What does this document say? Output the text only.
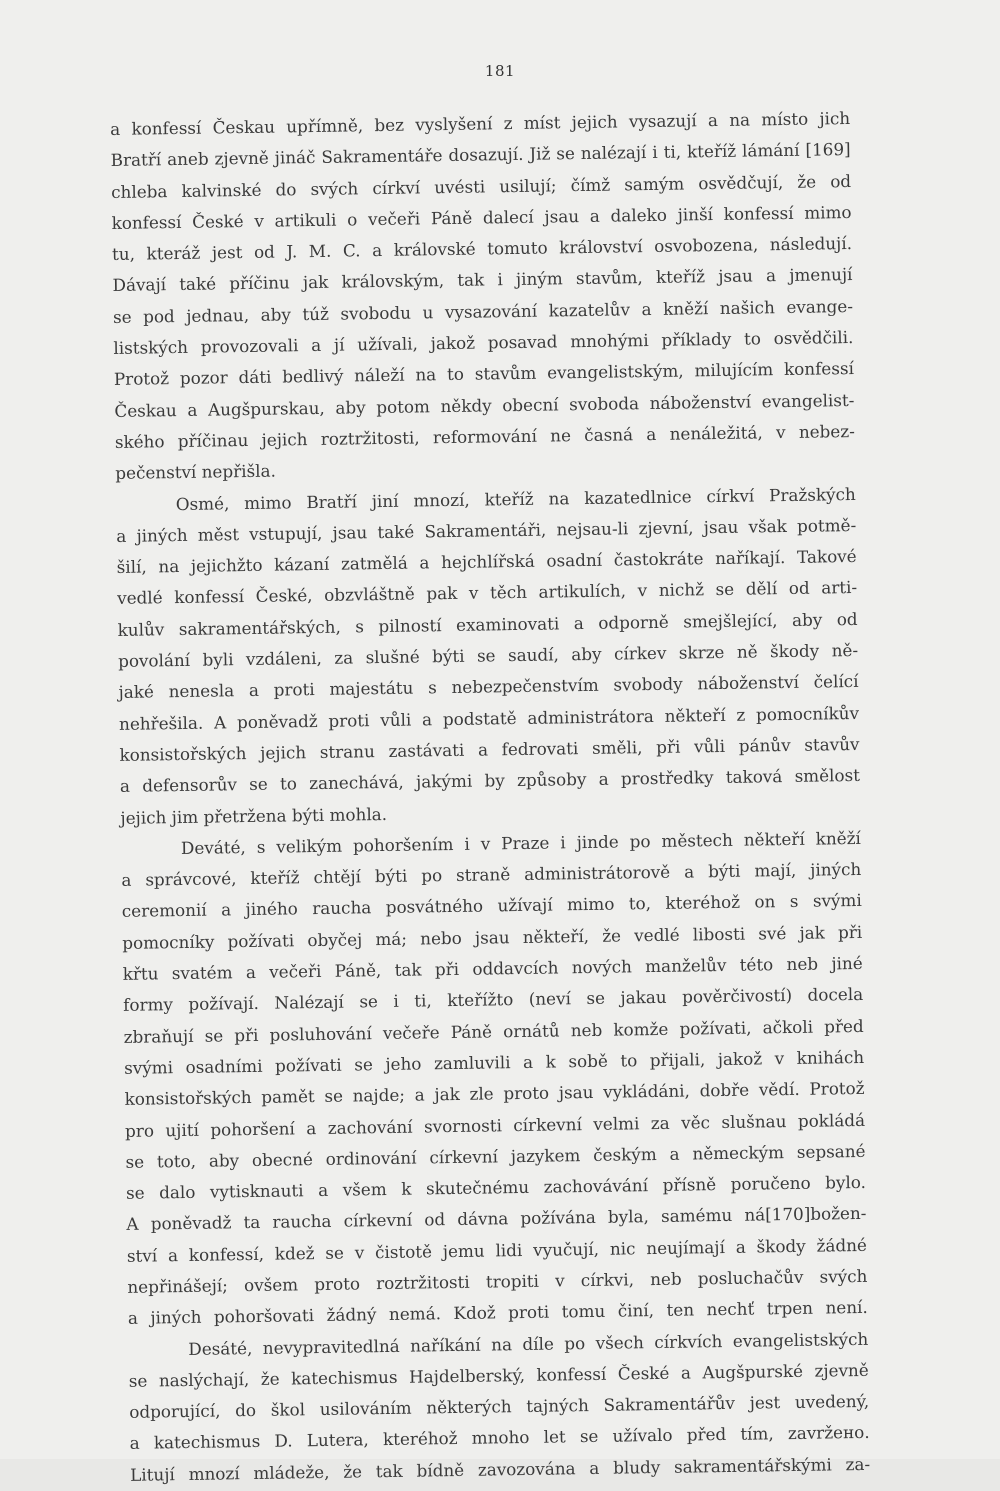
181
a konfessí Českau upřímně, bez vyslyšení z míst jejich vysazují a na místo jich
Bratří aneb zjevně jináč Sakramentáře dosazují. Již se nalézají i ti, kteříž lámání [169]
chleba kalvinské do svých církví uvésti usilují; čímž samým osvědčují, že od
konfessí České v artikuli o večeři Páně dalecí jsau a daleko jinší konfessí mimo
tu, kteráž jest od J. M. C. a královské tomuto království osvobozena, následují.
Dávají také příčinu jak královským, tak i jiným stavům, kteříž jsau a jmenují
se pod jednau, aby túž svobodu u vysazování kazatelův a kněží našich evange-
listských provozovali a jí užívali, jakož posavad mnohými příklady to osvědčili.
Protož pozor dáti bedlivý náleží na to stavům evangelistským, milujícím konfessí
Českau a Augšpurskau, aby potom někdy obecní svoboda náboženství evangelist-
ského příčinau jejich roztržitosti, reformování ne časná a nenáležitá, v nebez-
pečenství nepřišla.
Osmé, mimo Bratří jiní mnozí, kteříž na kazatedlnice církví Pražských
a jiných měst vstupují, jsau také Sakramentáři, nejsau-li zjevní, jsau však potmě-
šilí, na jejichžto kázaní zatmělá a hejchlířská osadní častokráte naříkají. Takové
vedlé konfessí České, obzvláštně pak v těch artikulích, v nichž se dělí od arti-
kulův sakramentářských, s pilností examinovati a odporně smejšlející, aby od
povolání byli vzdáleni, za slušné býti se saudí, aby církev skrze ně škody ně-
jaké nenesla a proti majestátu s nebezpečenstvím svobody náboženství čelící
nehřešila. A poněvadž proti vůli a podstatě administrátora někteří z pomocníkův
konsistořských jejich stranu zastávati a fedrovati směli, při vůli pánův stavův
a defensorův se to zanechává, jakými by způsoby a prostředky taková smělost
jejich jim přetržena býti mohla.
Deváté, s velikým pohoršením i v Praze i jinde po městech někteří kněží
a správcové, kteříž chtějí býti po straně administrátorově a býti mají, jiných
ceremonií a jiného raucha posvátného užívají mimo to, kteréhož on s svými
pomocníky požívati obyčej má; nebo jsau někteří, že vedlé libosti své jak při
křtu svatém a večeři Páně, tak při oddavcích nových manželův této neb jiné
formy požívají. Nalézají se i ti, kteřížto (neví se jakau pověrčivostí) docela
zbraňují se při posluhování večeře Páně ornátů neb komže požívati, ačkoli před
svými osadními požívati se jeho zamluvili a k sobě to přijali, jakož v knihách
konsistořských pamět se najde; a jak zle proto jsau vykládáni, dobře vědí. Protož
pro ujití pohoršení a zachování svornosti církevní velmi za věc slušnau pokládá
se toto, aby obecné ordinování církevní jazykem českým a německým sepsané
se dalo vytisknauti a všem k skutečnému zachovávání přísně poručeno bylo.
A poněvadž ta raucha církevní od dávna požívána byla, samému ná[170]božen-
ství a konfessí, kdež se v čistotě jemu lidi vyučují, nic neujímají a škody žádné
nepřinášejí; ovšem proto roztržitosti tropiti v církvi, neb posluchačův svých
a jiných pohoršovati žádný nemá. Kdož proti tomu činí, ten nechť trpen není.
Desáté, nevypravitedlná naříkání na díle po všech církvích evangelistských
se naslýchají, že katechismus Hajdelberský, konfessí České a Augšpurské zjevně
odporující, do škol usilováním některých tajných Sakramentářův jest uvedený,
a katechismus D. Lutera, kteréhož mnoho let se užívalo před tím, zavržено.
Litují mnozí mládeže, že tak bídně zavozována a bludy sakramentářskými za-
